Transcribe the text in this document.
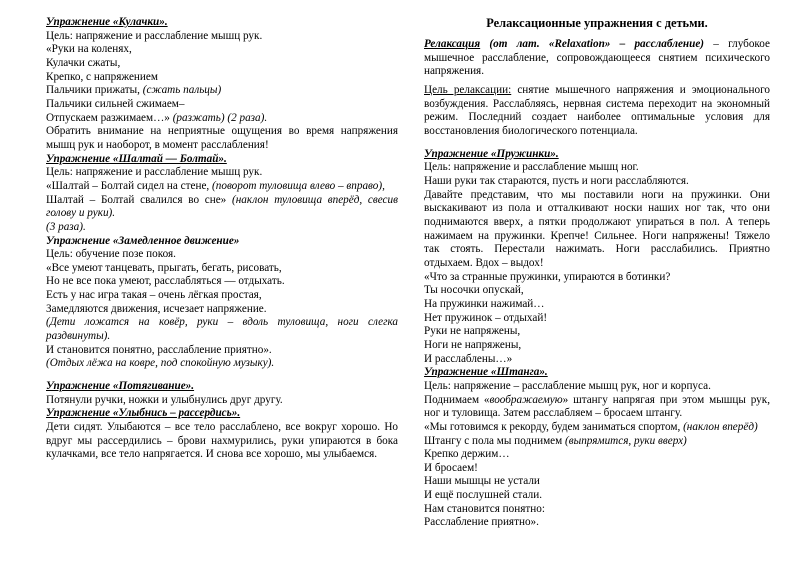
Упражнение «Кулачки».

Цель: напряжение и расслабление мышц рук.

«Руки на коленях,

Кулачки сжаты,

Крепко, с напряжением

Пальчики прижаты, (сжать пальцы)

Пальчики сильней сжимаем–

Отпускаем разжимаем…» (разжать) (2 раза).

Обратить внимание на неприятные ощущения во время напряжения мышц рук и наоборот, в момент расслабления!

Упражнение «Шалтай — Болтай».

Цель: напряжение и расслабление мышц рук.

«Шалтай – Болтай сидел на стене, (поворот туловища влево – вправо),

Шалтай – Болтай свалился во сне» (наклон туловища вперёд, свесив голову и руки).

(3 раза).

Упражнение «Замедленное движение»

Цель: обучение позе покоя.

«Все умеют танцевать, прыгать, бегать, рисовать,

Но не все пока умеют, расслабляться — отдыхать.

Есть у нас игра такая – очень лёгкая простая,

Замедляются движения, исчезает напряжение.

(Дети ложатся на ковёр, руки – вдоль туловища, ноги слегка раздвинуты).

И становится понятно, расслабление приятно».

(Отдых лёжа на ковре, под спокойную музыку).

Упражнение «Потягивание».

Потянули ручки, ножки и улыбнулись друг другу.

Упражнение «Улыбнись – рассердись».

Дети сидят. Улыбаются – все тело расслаблено, все вокруг хорошо. Но вдруг мы рассердились – брови нахмурились, руки упираются в бока кулачками, все тело напрягается. И снова все хорошо, мы улыбаемся.

Релаксационные упражнения с детьми.

Релаксация (от лат. «Relaxation» – расслабление) – глубокое мышечное расслабление, сопровождающееся снятием психического напряжения.

Цель релаксации: снятие мышечного напряжения и эмоционального возбуждения. Расслабляясь, нервная система переходит на экономный режим. Последний создает наиболее оптимальные условия для восстановления биологического потенциала.

Упражнение «Пружинки».

Цель: напряжение и расслабление мышц ног.

Наши руки так стараются, пусть и ноги расслабляются.

Давайте представим, что мы поставили ноги на пружинки. Они выскакивают из пола и отталкивают носки наших ног так, что они поднимаются вверх, а пятки продолжают упираться в пол. А теперь нажимаем на пружинки. Крепче! Сильнее. Ноги напряжены! Тяжело так стоять. Перестали нажимать. Ноги расслабились. Приятно отдыхаем. Вдох – выдох!

«Что за странные пружинки, упираются в ботинки?

Ты носочки опускай,

На пружинки нажимай…

Нет пружинок – отдыхай!

Руки не напряжены,

Ноги не напряжены,

И расслаблены…»

Упражнение «Штанга».

Цель: напряжение – расслабление мышц рук, ног и корпуса.

Поднимаем «воображаемую» штангу напрягая при этом мышцы рук, ног и туловища. Затем расслабляем – бросаем штангу.

«Мы готовимся к рекорду, будем заниматься спортом, (наклон вперёд)

Штангу с пола мы поднимем (выпрямится, руки вверх)

Крепко держим…

И бросаем!

Наши мышцы не устали

И ещё послушней стали.

Нам становится понятно:

Расслабление приятно».
